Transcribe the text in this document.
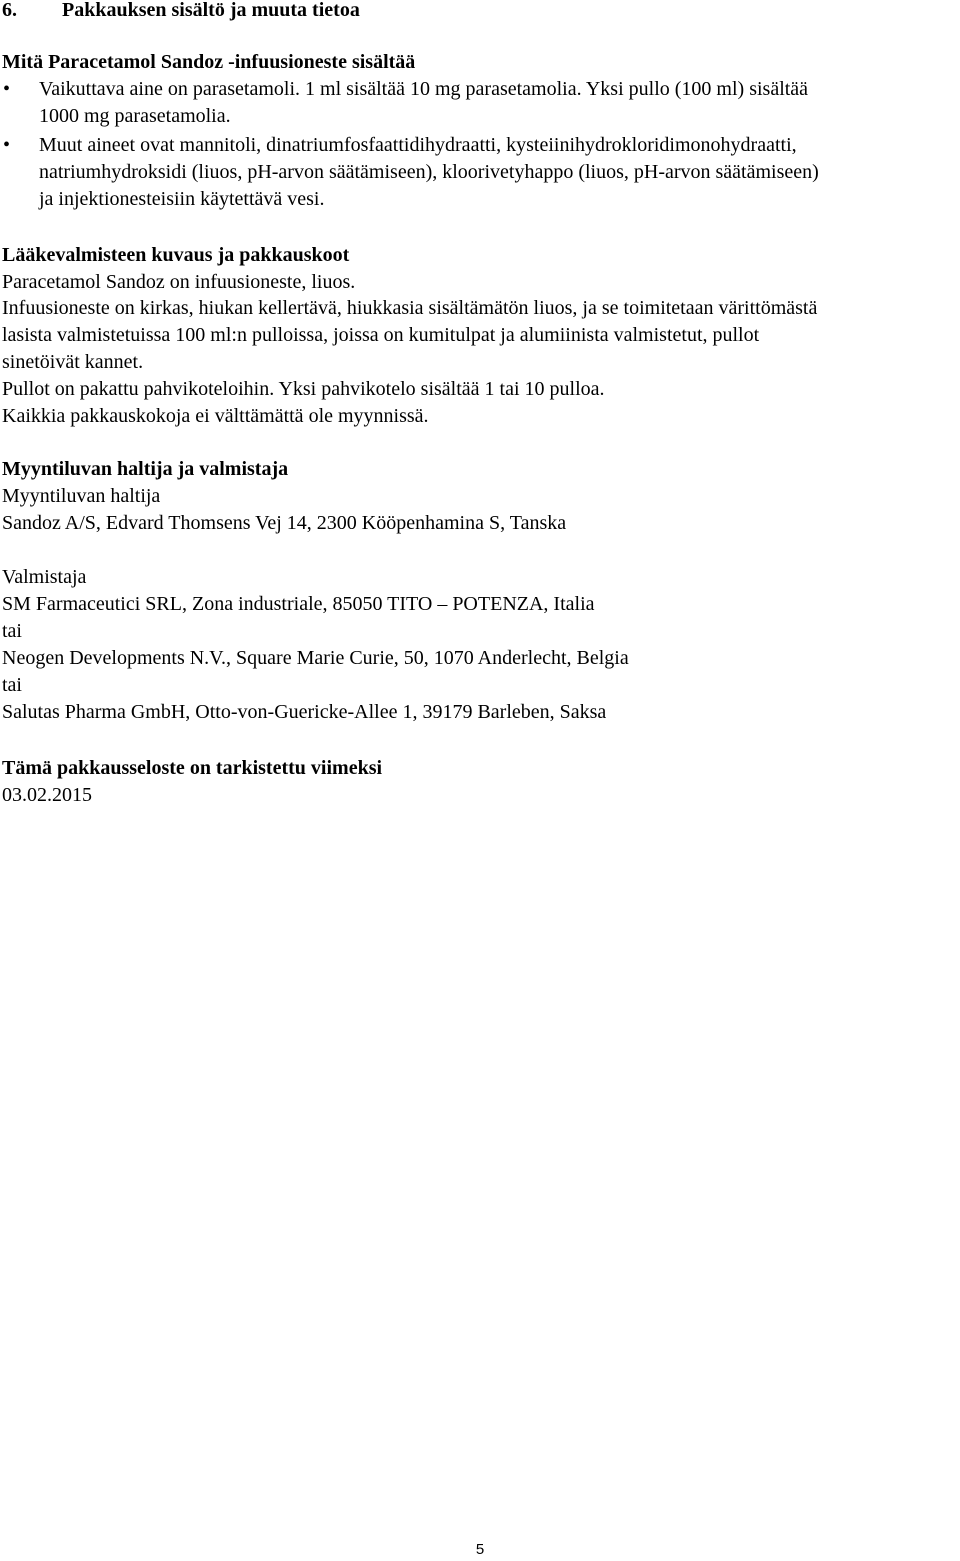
6. Pakkauksen sisältö ja muuta tietoa
Mitä Paracetamol Sandoz -infuusioneste sisältää
• Vaikuttava aine on parasetamoli. 1 ml sisältää 10 mg parasetamolia. Yksi pullo (100 ml) sisältää
1000 mg parasetamolia.
• Muut aineet ovat mannitoli, dinatriumfosfaattidihydraatti, kysteiinihydrokloridimonohydraatti,
natriumhydroksidi (liuos, pH-arvon säätämiseen), kloorivetyhappo (liuos, pH-arvon säätämiseen)
ja injektionesteisiin käytettävä vesi.
Lääkevalmisteen kuvaus ja pakkauskoot
Paracetamol Sandoz on infuusioneste, liuos.
Infuusioneste on kirkas, hiukan kellertävä, hiukkasia sisältämätön liuos, ja se toimitetaan värittömästä
lasista valmistetuissa 100 ml:n pulloissa, joissa on kumitulpat ja alumiinista valmistetut, pullot
sinetöivät kannet.
Pullot on pakattu pahvikoteloihin. Yksi pahvikotelo sisältää 1 tai 10 pulloa.
Kaikkia pakkauskokoja ei välttämättä ole myynnissä.
Myyntiluvan haltija ja valmistaja
Myyntiluvan haltija
Sandoz A/S, Edvard Thomsens Vej 14, 2300 Kööpenhamina S, Tanska
Valmistaja
SM Farmaceutici SRL, Zona industriale, 85050 TITO – POTENZA, Italia
tai
Neogen Developments N.V., Square Marie Curie, 50, 1070 Anderlecht, Belgia
tai
Salutas Pharma GmbH, Otto-von-Guericke-Allee 1, 39179 Barleben, Saksa
Tämä pakkausseloste on tarkistettu viimeksi
03.02.2015
5
